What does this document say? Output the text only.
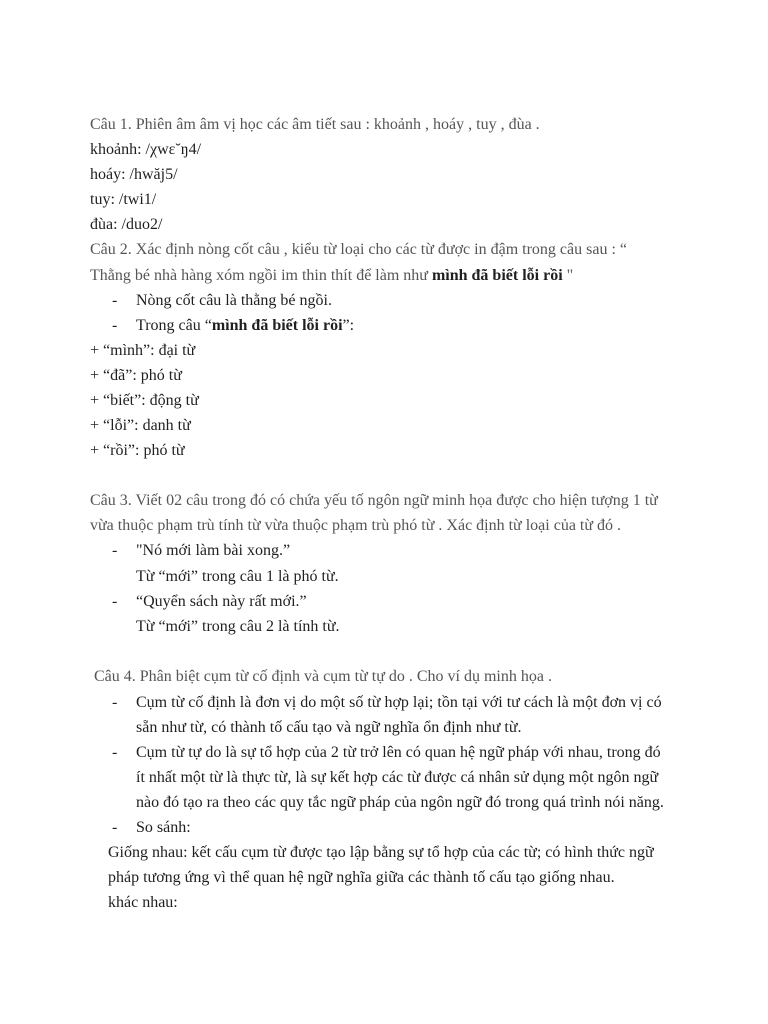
Câu 1. Phiên âm âm vị học các âm tiết sau : khoảnh , hoáy , tuy , đùa .
khoảnh: /χwɛ˘ŋ4/
hoáy: /hwăj5/
tuy: /twi1/
đùa: /duo2/
Câu 2. Xác định nòng cốt câu , kiểu từ loại cho các từ được in đậm trong câu sau : “
Thằng bé nhà hàng xóm ngồi im thin thít để làm như mình đã biết lỗi rồi "
- Nòng cốt câu là thằng bé ngồi.
- Trong câu “mình đã biết lỗi rồi”:
+ “mình”: đại từ
+ “đã”: phó từ
+ “biết”: động từ
+ “lỗi”: danh từ
+ “rồi”: phó từ
Câu 3. Viết 02 câu trong đó có chứa yếu tố ngôn ngữ minh họa được cho hiện tượng 1 từ
vừa thuộc phạm trù tính từ vừa thuộc phạm trù phó từ . Xác định từ loại của từ đó .
- "Nó mới làm bài xong.”
Từ “mới” trong câu 1 là phó từ.
- “Quyển sách này rất mới.”
Từ “mới” trong câu 2 là tính từ.
Câu 4. Phân biệt cụm từ cố định và cụm từ tự do . Cho ví dụ minh họa .
- Cụm từ cố định là đơn vị do một số từ hợp lại; tồn tại với tư cách là một đơn vị có
sẵn như từ, có thành tố cấu tạo và ngữ nghĩa ổn định như từ.
- Cụm từ tự do là sự tổ hợp của 2 từ trở lên có quan hệ ngữ pháp với nhau, trong đó
ít nhất một từ là thực từ, là sự kết hợp các từ được cá nhân sử dụng một ngôn ngữ
nào đó tạo ra theo các quy tắc ngữ pháp của ngôn ngữ đó trong quá trình nói năng.
- So sánh:
Giống nhau: kết cấu cụm từ được tạo lập bằng sự tổ hợp của các từ; có hình thức ngữ
pháp tương ứng vì thể quan hệ ngữ nghĩa giữa các thành tố cấu tạo giống nhau.
khác nhau:
